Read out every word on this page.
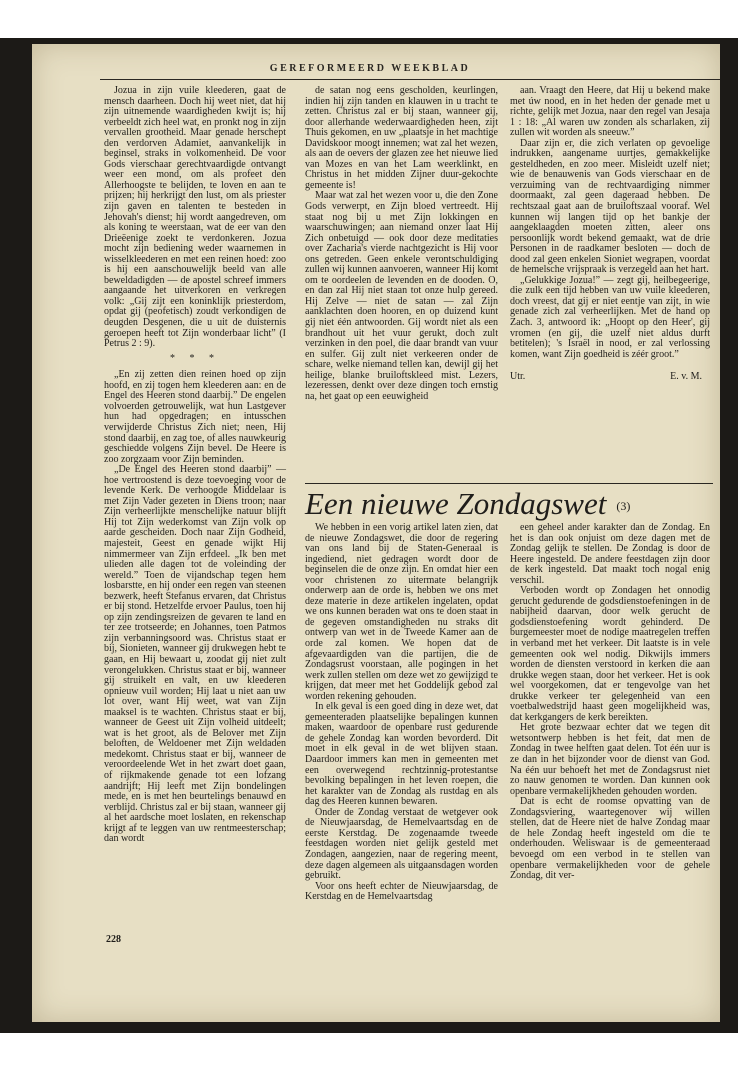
GEREFORMEERD WEEKBLAD

Jozua in zijn vuile kleederen, gaat de mensch daarheen. Doch hij weet niet, dat hij zijn uitnemende waardigheden kwijt is; hij verbeeldt zich heel wat, en pronkt nog in zijn vervallen grootheid. Maar genade herschept den verdorven Adamiet, aanvankelijk in beginsel, straks in volkomenheid. De voor Gods vierschaar gerechtvaardigde ontvangt weer een mond, om als profeet den Allerhoogste te belijden, te loven en aan te prijzen; hij herkrijgt den lust, om als priester zijn gaven en talenten te besteden in Jehovah's dienst; hij wordt aangedreven, om als koning te weerstaan, wat de eer van den Drieëenige zoekt te verdonkeren. Jozua mocht zijn bediening weder waarnemen in wisselkleederen en met een reinen hoed: zoo is hij een aanschouwelijk beeld van alle beweldadigden — de apostel schreef immers aangaande het uitverkoren en verkregen volk: „Gij zijt een koninklijk priesterdom, opdat gij (peofetisch) zoudt verkondigen de deugden Desgenen, die u uit de duisternis geroepen heeft tot Zijn wonderbaar licht” (I Petrus 2 : 9).

* * *

„En zij zetten dien reinen hoed op zijn hoofd, en zij togen hem kleederen aan: en de Engel des Heeren stond daarbij.” De engelen volvoerden getrouwelijk, wat hun Lastgever hun had opgedragen; en intusschen verwijderde Christus Zich niet; neen, Hij stond daarbij, en zag toe, of alles nauwkeurig geschiedde volgens Zijn bevel. De Heere is zoo zorgzaam voor Zijn beminden.

„De Engel des Heeren stond daarbij” — hoe vertroostend is deze toevoeging voor de levende Kerk. De verhoogde Middelaar is met Zijn Vader gezeten in Diens troon; naar Zijn verheerlijkte menschelijke natuur blijft Hij tot Zijn wederkomst van Zijn volk op aarde gescheiden. Doch naar Zijn Godheid, majesteit, Geest en genade wijkt Hij nimmermeer van Zijn erfdeel. „Ik ben met ulieden alle dagen tot de voleinding der wereld.” Toen de vijandschap tegen hem losbarstte, en hij onder een regen van steenen bezwerk, heeft Stefanus ervaren, dat Christus er bij stond. Hetzelfde ervoer Paulus, toen hij op zijn zendingsreizen de gevaren te land en ter zee trotseerde; en Johannes, toen Patmos zijn verbanningsoord was. Christus staat er bij, Sionieten, wanneer gij drukwegen hebt te gaan, en Hij bewaart u, zoodat gij niet zult verongelukken. Christus staat er bij, wanneer gij struikelt en valt, en uw kleederen opnieuw vuil worden; Hij laat u niet aan uw lot over, want Hij weet, wat van Zijn maaksel is te wachten. Christus staat er bij, wanneer de Geest uit Zijn volheid uitdeelt; wat is het groot, als de Belover met Zijn beloften, de Weldoener met Zijn weldaden medekomt. Christus staat er bij, wanneer de veroordeelende Wet in het zwart doet gaan, of rijkmakende genade tot een lofzang aandrijft; Hij leeft met Zijn bondelingen mede, en is met hen beurtelings benauwd en verblijd. Christus zal er bij staan, wanneer gij al het aardsche moet loslaten, en rekenschap krijgt af te leggen van uw rentmeesterschap; dan wordt

de satan nog eens gescholden, keurlingen, indien hij zijn tanden en klauwen in u tracht te zetten. Christus zal er bij staan, wanneer gij, door allerhande wederwaardigheden heen, zijt Thuis gekomen, en uw „plaatsje in het machtige Davidskoor moogt innemen; wat zal het wezen, als aan de oevers der glazen zee het nieuwe lied van Mozes en van het Lam weerklinkt, en Christus in het midden Zijner duur-gekochte gemeente is!

Maar wat zal het wezen voor u, die den Zone Gods verwerpt, en Zijn bloed vertreedt. Hij staat nog bij u met Zijn lokkingen en waarschuwingen; aan niemand onzer laat Hij Zich onbetuigd — ook door deze meditaties over Zacharia's vierde nachtgezicht is Hij voor ons getreden. Geen enkele verontschuldiging zullen wij kunnen aanvoeren, wanneer Hij komt om te oordeelen de levenden en de dooden. O, en dan zal Hij niet staan tot onze hulp gereed. Hij Zelve — niet de satan — zal Zijn aanklachten doen hooren, en op duizend kunt gij niet één antwoorden. Gij wordt niet als een brandhout uit het vuur gerukt, doch zult verzinken in den poel, die daar brandt van vuur en sulfer. Gij zult niet verkeeren onder de schare, welke niemand tellen kan, dewijl gij het heilige, blanke bruiloftskleed mist. Lezers, lezeressen, denkt over deze dingen toch ernstig na, het gaat op een eeuwigheid

aan. Vraagt den Heere, dat Hij u bekend make met úw nood, en in het heden der genade met u richte, gelijk met Jozua, naar den regel van Jesaja 1 : 18: „Al waren uw zonden als scharlaken, zij zullen wit worden als sneeuw.”

Daar zijn er, die zich verlaten op gevoelige indrukken, aangename uurtjes, gemakkelijke gesteldheden, en zoo meer. Misleidt uzelf niet; wie de benauwenis van Gods vierschaar en de verzuiming van de rechtvaardiging nimmer doormaakt, zal geen dageraad hebben. De rechtszaal gaat aan de bruiloftszaal vooraf. Wel kunnen wij langen tijd op het bankje der aangeklaagden moeten zitten, aleer ons persoonlijk wordt bekend gemaakt, wat de drie Personen in de raadkamer besloten — doch de dood zal geen enkelen Sioniet wegrapen, voordat de hemelsche vrijspraak is verzegeld aan het hart.

„Gelukkige Jozua!” — zegt gij, heilbegeerige, die zulk een tijd hebben van uw vuile kleederen, doch vreest, dat gij er niet eentje van zijt, in wie genade zich zal verheerlijken. Met de hand op Zach. 3, antwoord ik: „Hoopt op den Heer', gij vromen (en gij, die uzelf niet aldus durft betitelen); 's Israël in nood, er zal verlossing komen, want Zijn goedheid is zéér groot.”

Utr.	E. v. M.
Een nieuwe Zondagswet (3)

We hebben in een vorig artikel laten zien, dat de nieuwe Zondagswet, die door de regering van ons land bij de Staten-Generaal is ingediend, niet gedragen wordt door de beginselen die de onze zijn. En omdat hier een voor christenen zo uitermate belangrijk onderwerp aan de orde is, hebben we ons met deze materie in deze artikelen ingelaten, opdat we ons kunnen beraden wat ons te doen staat in de gegeven omstandigheden nu straks dit ontwerp van wet in de Tweede Kamer aan de orde zal komen. We hopen dat de afgevaardigden van die partijen, die de Zondagsrust voorstaan, alle pogingen in het werk zullen stellen om deze wet zo gewijzigd te krijgen, dat meer met het Goddelijk gebod zal worden rekening gehouden.

In elk geval is een goed ding in deze wet, dat gemeenteraden plaatselijke bepalingen kunnen maken, waardoor de openbare rust gedurende de gehele Zondag kan worden bevorderd. Dit moet in elk geval in de wet blijven staan. Daardoor immers kan men in gemeenten met een overwegend rechtzinnig-protestantse bevolking bepalingen in het leven roepen, die het karakter van de Zondag als rustdag en als dag des Heeren kunnen bewaren.

Onder de Zondag verstaat de wetgever ook de Nieuwjaarsdag, de Hemelvaartsdag en de eerste Kerstdag. De zogenaamde tweede feestdagen worden niet gelijk gesteld met Zondagen, aangezien, naar de regering meent, deze dagen algemeen als uitgaansdagen worden gebruikt.

Voor ons heeft echter de Nieuwjaarsdag, de Kerstdag en de Hemelvaartsdag

een geheel ander karakter dan de Zondag. En het is dan ook onjuist om deze dagen met de Zondag gelijk te stellen. De Zondag is door de Heere ingesteld. De andere feestdagen zijn door de kerk ingesteld. Dat maakt toch nogal enig verschil.

Verboden wordt op Zondagen het onnodig gerucht gedurende de godsdienstoefeningen in de nabijheid daarvan, door welk gerucht de godsdienstoefening wordt gehinderd. De burgemeester moet de nodige maatregelen treffen in verband met het verkeer. Dit laatste is in vele gemeenten ook wel nodig. Dikwijls immers worden de diensten verstoord in kerken die aan drukke wegen staan, door het verkeer. Het is ook wel voorgekomen, dat er tengevolge van het drukke verkeer ter gelegenheid van een voetbalwedstrijd haast geen mogelijkheid was, dat kerkgangers de kerk bereikten.

Het grote bezwaar echter dat we tegen dit wetsontwerp hebben is het feit, dat men de Zondag in twee helften gaat delen. Tot één uur is ze dan in het bijzonder voor de dienst van God. Na één uur behoeft het met de Zondagsrust niet zo nauw genomen te worden. Dan kunnen ook openbare vermakelijkheden gehouden worden.

Dat is echt de roomse opvatting van de Zondagsviering, waartegenover wij willen stellen, dat de Heere niet de halve Zondag maar de hele Zondag heeft ingesteld om die te onderhouden. Weliswaar is de gemeenteraad bevoegd om een verbod in te stellen van openbare vermakelijkheden voor de gehele Zondag, dit ver-

228
